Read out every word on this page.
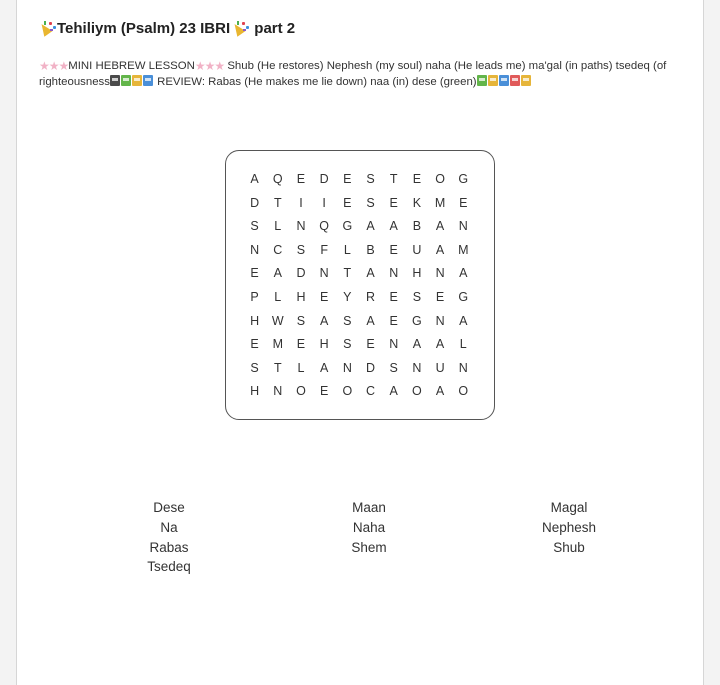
Tehiliym (Psalm) 23 IBRI part 2
★★★MINI HEBREW LESSON★★★ Shub (He restores) Nephesh (my soul) naha (He leads me) ma'gal (in paths) tsedeq (of righteousness	REVIEW: Rabas (He makes me lie down) naa (in) dese (green)
A	Q	E	D	E	S	T	E	O	G
D	T	I	I	E	S	E	K	M	E
S	L	N	Q	G	A	A	B	A	N
N	C	S	F	L	B	E	U	A	M
E	A	D	N	T	A	N	H	N	A
P	L	H	E	Y	R	E	S	E	G
H	W	S	A	S	A	E	G	N	A
E	M	E	H	S	E	N	A	A	L
S	T	L	A	N	D	S	N	U	N
H	N	O	E	O	C	A	O	A	O
Dese
Na
Rabas
Tsedeq
Maan
Naha
Shem
Magal
Nephesh
Shub
